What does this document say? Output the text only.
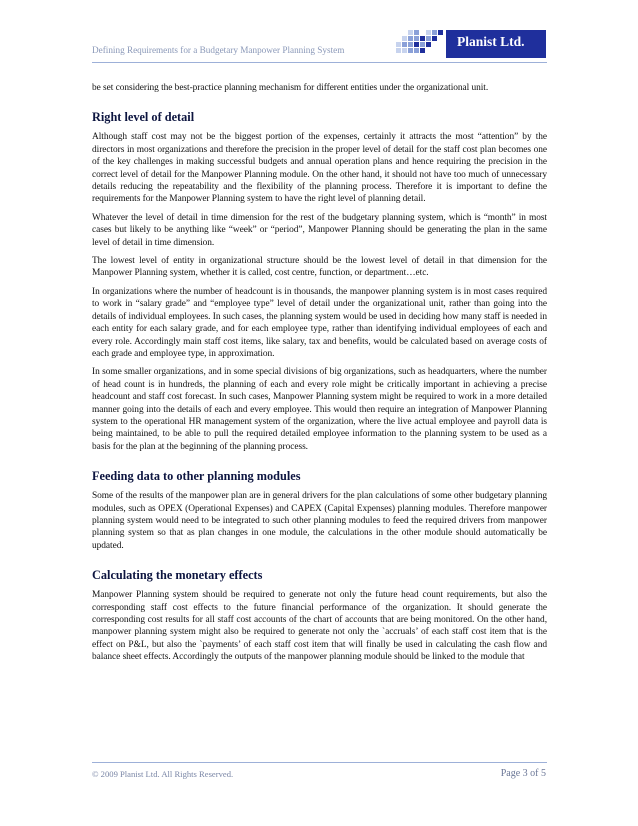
Planist Ltd.
Defining Requirements for a Budgetary Manpower Planning System

be set considering the best-practice planning mechanism for different entities under the organizational unit.

Right level of detail

Although staff cost may not be the biggest portion of the expenses, certainly it attracts the most “attention” by the directors in most organizations and therefore the precision in the proper level of detail for the staff cost plan becomes one of the key challenges in making successful budgets and annual operation plans and hence requiring the precision in the correct level of detail for the Manpower Planning module. On the other hand, it should not have too much of unnecessary details reducing the repeatability and the flexibility of the planning process. Therefore it is important to define the requirements for the Manpower Planning system to have the right level of planning detail.

Whatever the level of detail in time dimension for the rest of the budgetary planning system, which is “month” in most cases but likely to be anything like “week” or “period”, Manpower Planning should be generating the plan in the same level of detail in time dimension.

The lowest level of entity in organizational structure should be the lowest level of detail in that dimension for the Manpower Planning system, whether it is called, cost centre, function, or department…etc.

In organizations where the number of headcount is in thousands, the manpower planning system is in most cases required to work in “salary grade” and “employee type” level of detail under the organizational unit, rather than going into the details of individual employees. In such cases, the planning system would be used in deciding how many staff is needed in each entity for each salary grade, and for each employee type, rather than identifying individual employees of each and every role. Accordingly main staff cost items, like salary, tax and benefits, would be calculated based on average costs of each grade and employee type, in approximation.

In some smaller organizations, and in some special divisions of big organizations, such as headquarters, where the number of head count is in hundreds, the planning of each and every role might be critically important in achieving a precise headcount and staff cost forecast. In such cases, Manpower Planning system might be required to work in a more detailed manner going into the details of each and every employee. This would then require an integration of Manpower Planning system to the operational HR management system of the organization, where the live actual employee and payroll data is being maintained, to be able to pull the required detailed employee information to the planning system to be used as a basis for the plan at the beginning of the planning process.

Feeding data to other planning modules

Some of the results of the manpower plan are in general drivers for the plan calculations of some other budgetary planning modules, such as OPEX (Operational Expenses) and CAPEX (Capital Expenses) planning modules. Therefore manpower planning system would need to be integrated to such other planning modules to feed the required drivers from manpower planning system so that as plan changes in one module, the calculations in the other module should automatically be updated.

Calculating the monetary effects

Manpower Planning system should be required to generate not only the future head count requirements, but also the corresponding staff cost effects to the future financial performance of the organization. It should generate the corresponding cost results for all staff cost accounts of the chart of accounts that are being monitored. On the other hand, manpower planning system might also be required to generate not only the `accruals’ of each staff cost item that is the effect on P&L, but also the `payments’ of each staff cost item that will finally be used in calculating the cash flow and balance sheet effects. Accordingly the outputs of the manpower planning module should be linked to the module that

© 2009 Planist Ltd. All Rights Reserved.	Page 3 of 5
